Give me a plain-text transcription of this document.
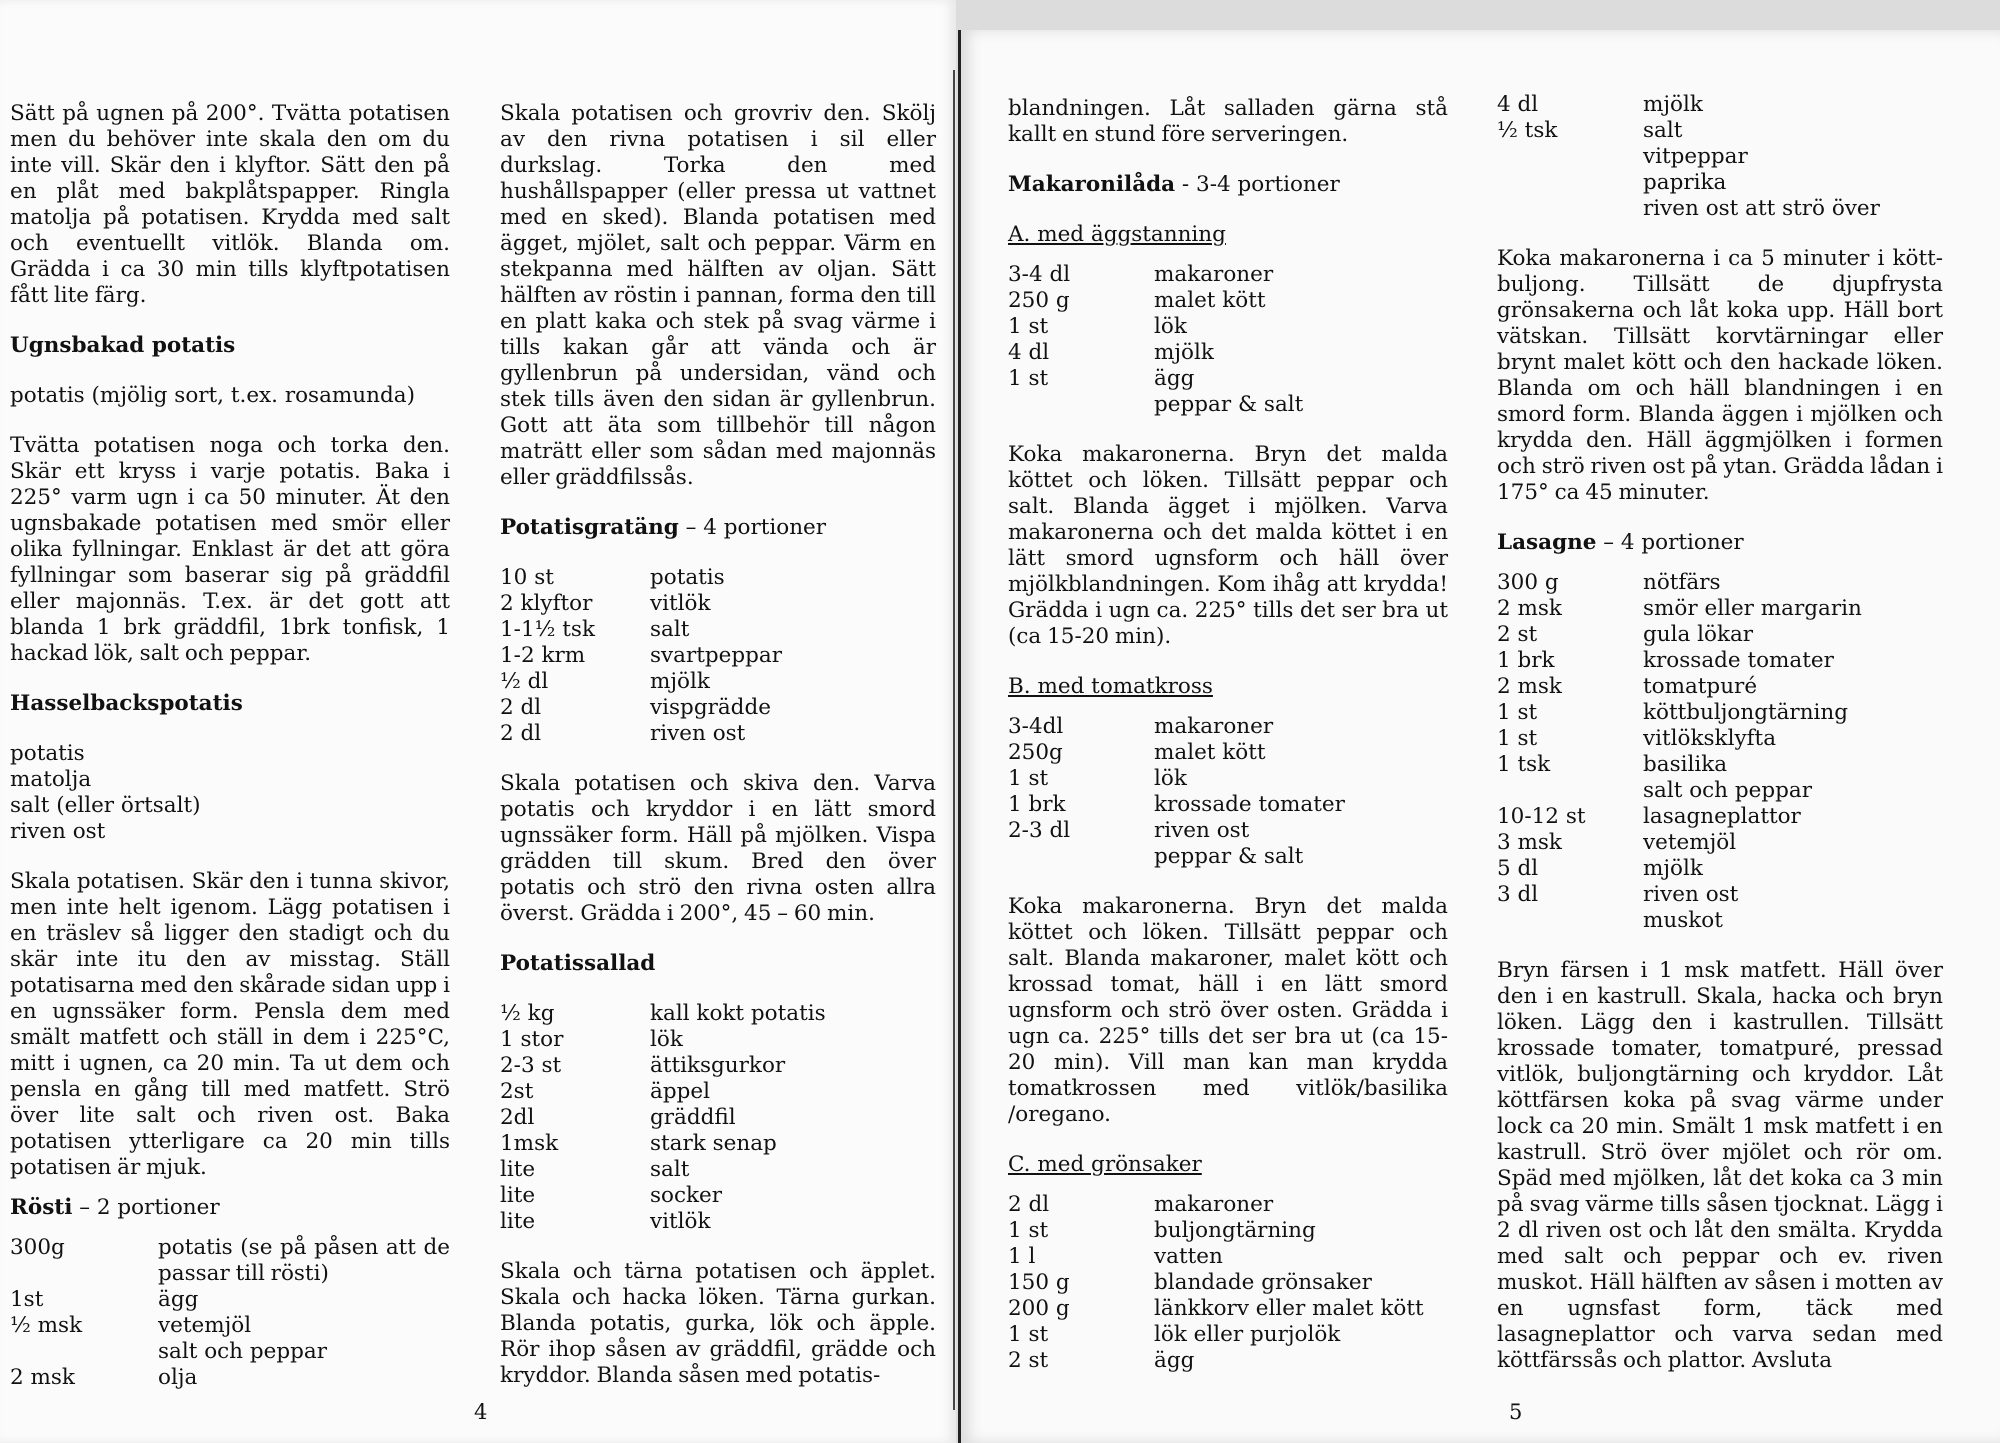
Sätt på ugnen på 200°. Tvätta potatisen men du behöver inte skala den om du inte vill. Skär den i klyftor. Sätt den på en plåt med bakplåtspapper. Ringla matolja på potatisen. Krydda med salt och eventuellt vitlök. Blanda om. Grädda i ca 30 min tills klyftpotatisen fått lite färg.
Ugnsbakad potatis
potatis (mjölig sort, t.ex. rosamunda)
Tvätta potatisen noga och torka den. Skär ett kryss i varje potatis. Baka i 225° varm ugn i ca 50 minuter. Ät den ugnsbakade potatisen med smör eller olika fyllningar. Enklast är det att göra fyllningar som baserar sig på gräddfil eller majonnäs. T.ex. är det gott att blanda 1 brk gräddfil, 1brk tonfisk, 1 hackad lök, salt och peppar.
Hasselbackspotatis
potatis
matolja
salt (eller örtsalt)
riven ost
Skala potatisen. Skär den i tunna skivor, men inte helt igenom. Lägg potatisen i en träslev så ligger den stadigt och du skär inte itu den av misstag. Ställ potatisarna med den skårade sidan upp i en ugnssäker form. Pensla dem med smält matfett och ställ in dem i 225°C, mitt i ugnen, ca 20 min. Ta ut dem och pensla en gång till med matfett. Strö över lite salt och riven ost. Baka potatisen ytterligare ca 20 min tills potatisen är mjuk.
Rösti – 2 portioner
300g	potatis (se på påsen att de passar till rösti)
1st	ägg
½ msk	vetemjöl
salt och peppar
2 msk	olja
4
Skala potatisen och grovriv den. Skölj av den rivna potatisen i sil eller durkslag. Torka den med hushållspapper (eller pressa ut vattnet med en sked). Blanda potatisen med ägget, mjölet, salt och peppar. Värm en stekpanna med hälften av oljan. Sätt hälften av röstin i pannan, forma den till en platt kaka och stek på svag värme i tills kakan går att vända och är gyllenbrun på undersidan, vänd och stek tills även den sidan är gyllenbrun. Gott att äta som tillbehör till någon maträtt eller som sådan med majonnäs eller gräddfilssås.
Potatisgratäng – 4 portioner
10 st	potatis
2 klyftor	vitlök
1-1½ tsk	salt
1-2 krm	svartpeppar
½ dl	mjölk
2 dl	vispgrädde
2 dl	riven ost
Skala potatisen och skiva den. Varva potatis och kryddor i en lätt smord ugnssäker form. Häll på mjölken. Vispa grädden till skum. Bred den över potatis och strö den rivna osten allra överst. Grädda i 200°, 45 – 60 min.
Potatissallad
½ kg	kall kokt potatis
1 stor	lök
2-3 st	ättiksgurkor
2st	äppel
2dl	gräddfil
1msk	stark senap
lite	salt
lite	socker
lite	vitlök
Skala och tärna potatisen och äpplet. Skala och hacka löken. Tärna gurkan. Blanda potatis, gurka, lök och äpple. Rör ihop såsen av gräddfil, grädde och kryddor. Blanda såsen med potatis-
blandningen. Låt salladen gärna stå kallt en stund före serveringen.
Makaronilåda - 3-4 portioner
A. med äggstanning
3-4 dl	makaroner
250 g	malet kött
1 st	lök
4 dl	mjölk
1 st	ägg
peppar & salt
Koka makaronerna. Bryn det malda köttet och löken. Tillsätt peppar och salt. Blanda ägget i mjölken. Varva makaronerna och det malda köttet i en lätt smord ugnsform och häll över mjölkblandningen. Kom ihåg att krydda! Grädda i ugn ca. 225° tills det ser bra ut (ca 15-20 min).
B. med tomatkross
3-4dl	makaroner
250g	malet kött
1 st	lök
1 brk	krossade tomater
2-3 dl	riven ost
peppar & salt
Koka makaronerna. Bryn det malda köttet och löken. Tillsätt peppar och salt. Blanda makaroner, malet kött och krossad tomat, häll i en lätt smord ugnsform och strö över osten. Grädda i ugn ca. 225° tills det ser bra ut (ca 15-20 min). Vill man kan man krydda tomatkrossen med vitlök/basilika /oregano.
C. med grönsaker
2 dl	makaroner
1 st	buljongtärning
1 l	vatten
150 g	blandade grönsaker
200 g	länkkorv eller malet kött
1 st	lök eller purjolök
2 st	ägg
4 dl	mjölk
½ tsk	salt
vitpeppar
paprika
riven ost att strö över
Koka makaronerna i ca 5 minuter i kött-buljong. Tillsätt de djupfrysta grönsakerna och låt koka upp. Häll bort vätskan. Tillsätt korvtärningar eller brynt malet kött och den hackade löken. Blanda om och häll blandningen i en smord form. Blanda äggen i mjölken och krydda den. Häll äggmjölken i formen och strö riven ost på ytan. Grädda lådan i 175° ca 45 minuter.
Lasagne – 4 portioner
300 g	nötfärs
2 msk	smör eller margarin
2 st	gula lökar
1 brk	krossade tomater
2 msk	tomatpuré
1 st	köttbuljongtärning
1 st	vitlöksklyfta
1 tsk	basilika
salt och peppar
10-12 st	lasagneplattor
3 msk	vetemjöl
5 dl	mjölk
3 dl	riven ost
muskot
Bryn färsen i 1 msk matfett. Häll över den i en kastrull. Skala, hacka och bryn löken. Lägg den i kastrullen. Tillsätt krossade tomater, tomatpuré, pressad vitlök, buljongtärning och kryddor. Låt köttfärsen koka på svag värme under lock ca 20 min. Smält 1 msk matfett i en kastrull. Strö över mjölet och rör om. Späd med mjölken, låt det koka ca 3 min på svag värme tills såsen tjocknat. Lägg i 2 dl riven ost och låt den smälta. Krydda med salt och peppar och ev. riven muskot. Häll hälften av såsen i motten av en ugnsfast form, täck med lasagneplattor och varva sedan med köttfärssås och plattor. Avsluta
5
